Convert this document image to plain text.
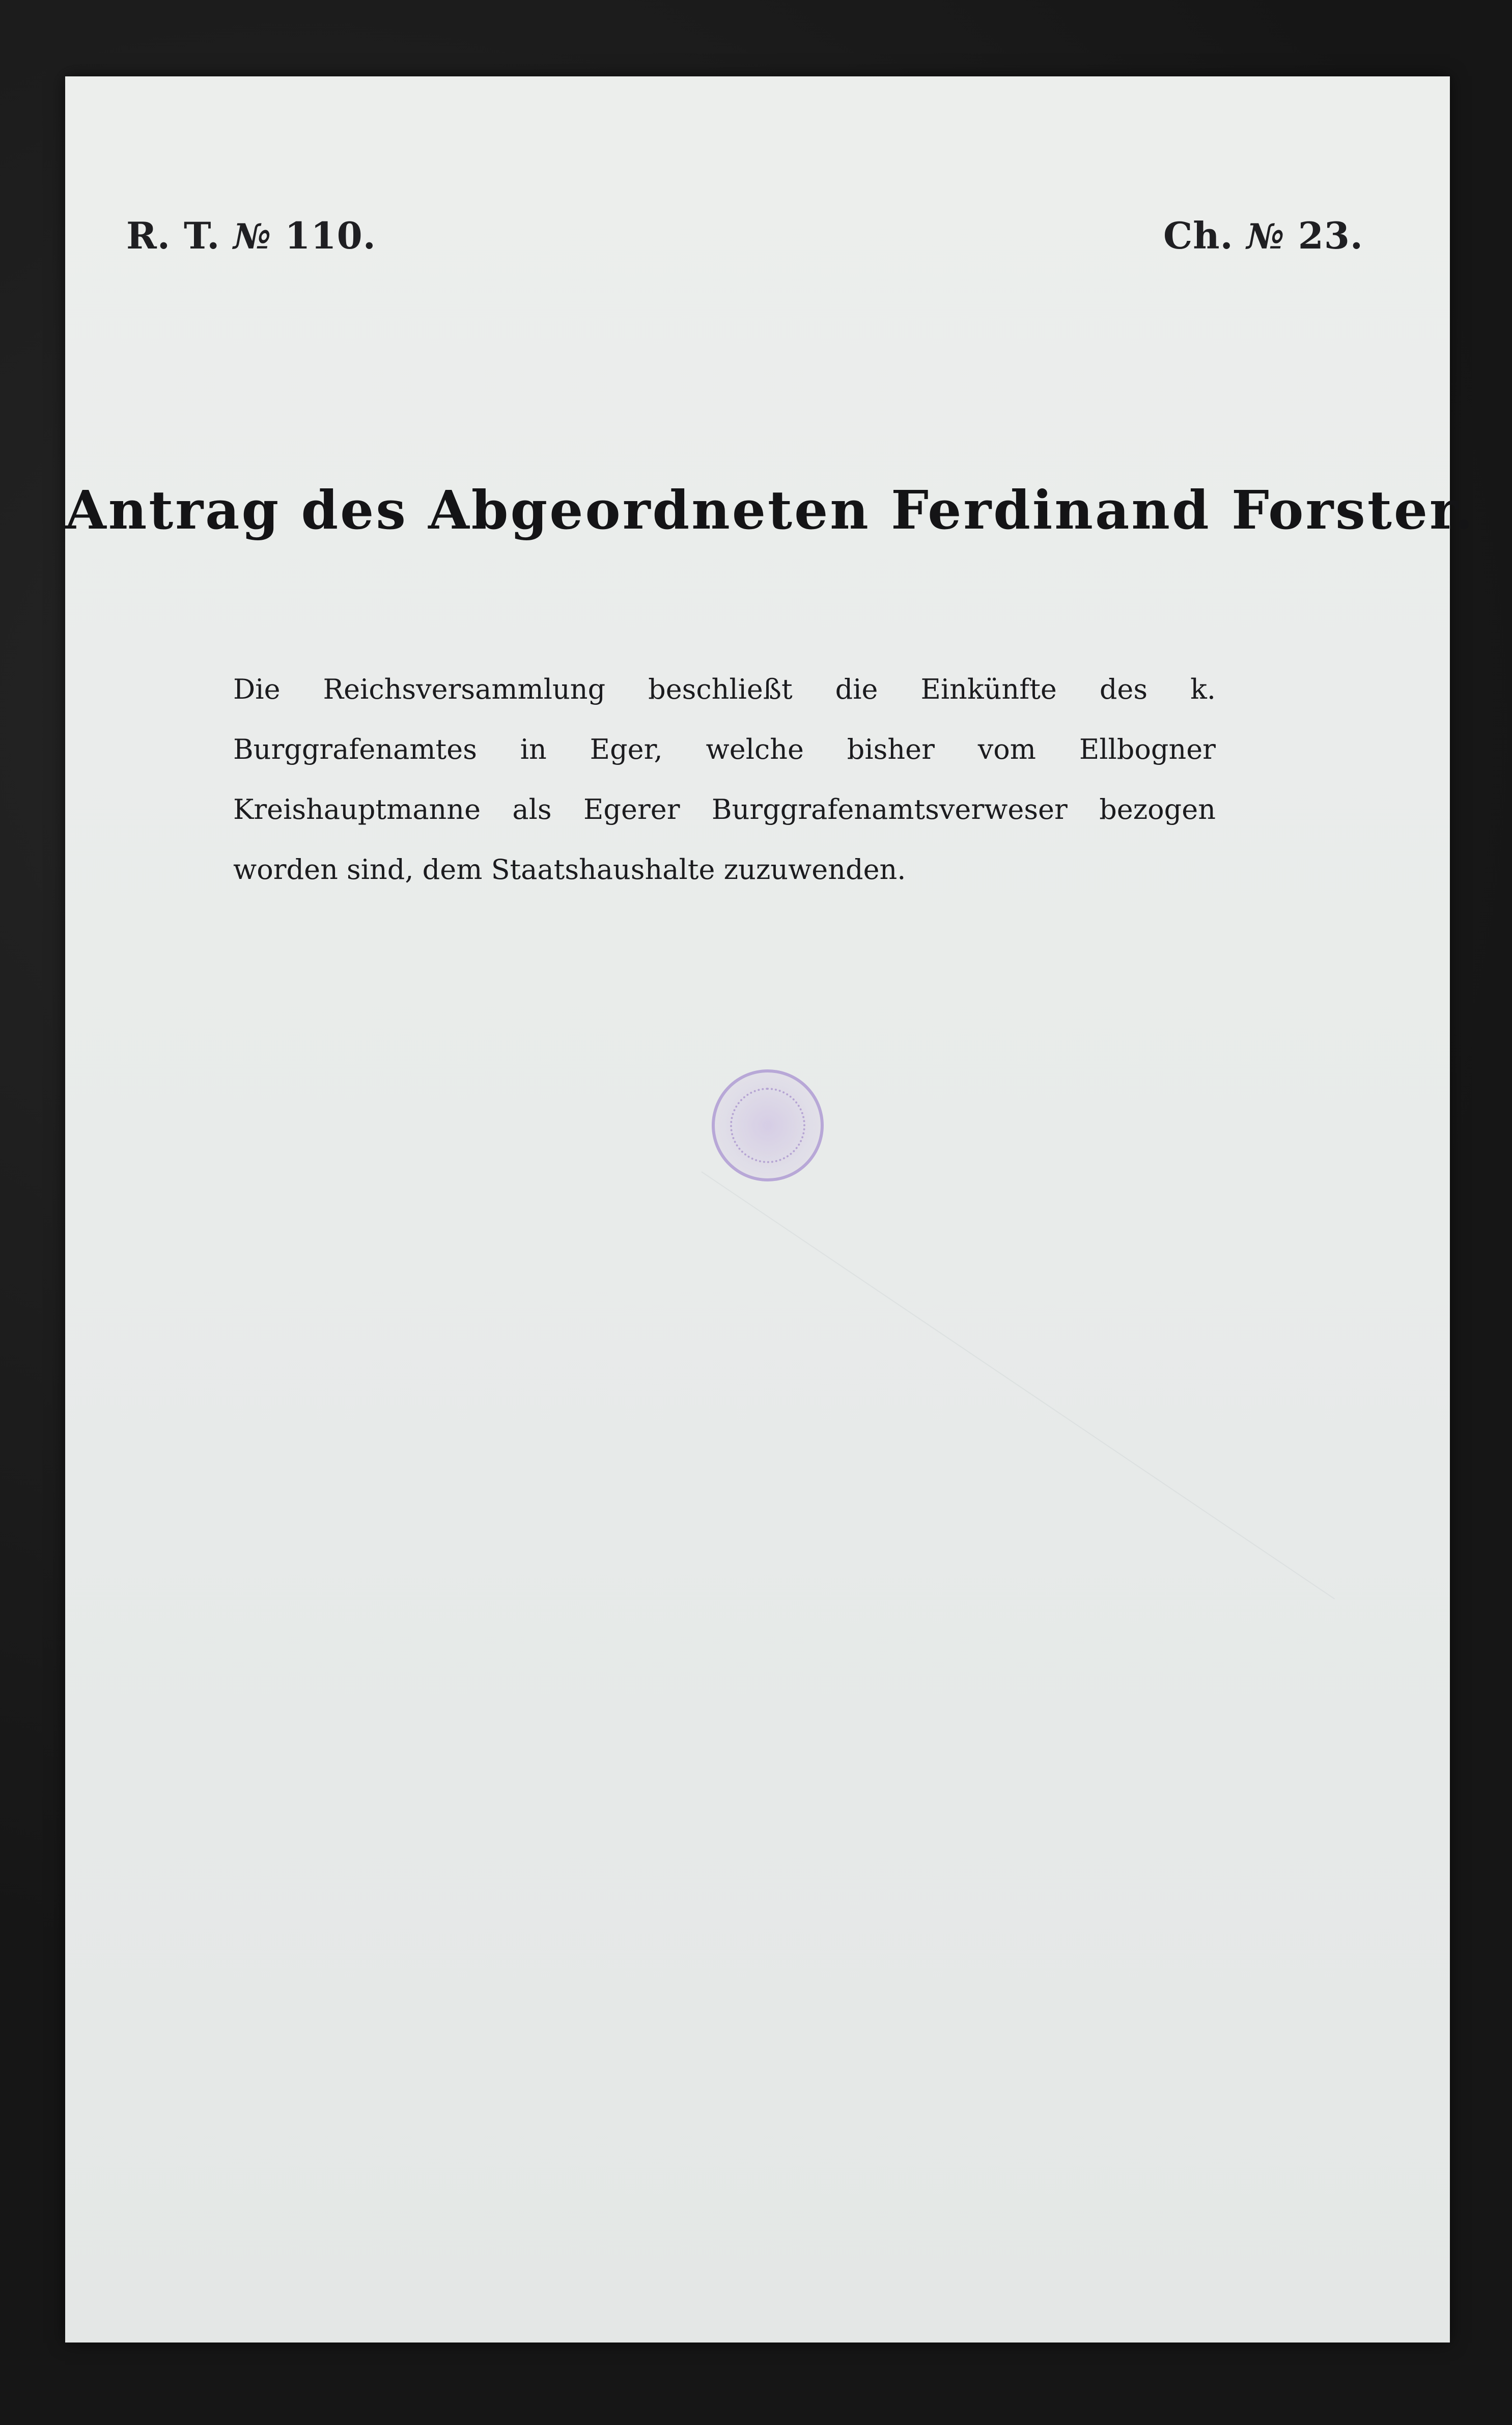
R. T. № 110.	Ch. № 23.
Antrag des Abgeordneten Ferdinand Forster.
Die Reichsversammlung beschließt die Einkünfte des k. Burggrafenamtes in Eger, welche bisher vom Ellbogner Kreishauptmanne als Egerer Burggrafenamtsverweser bezogen worden sind, dem Staatshaushalte zuzuwenden.
